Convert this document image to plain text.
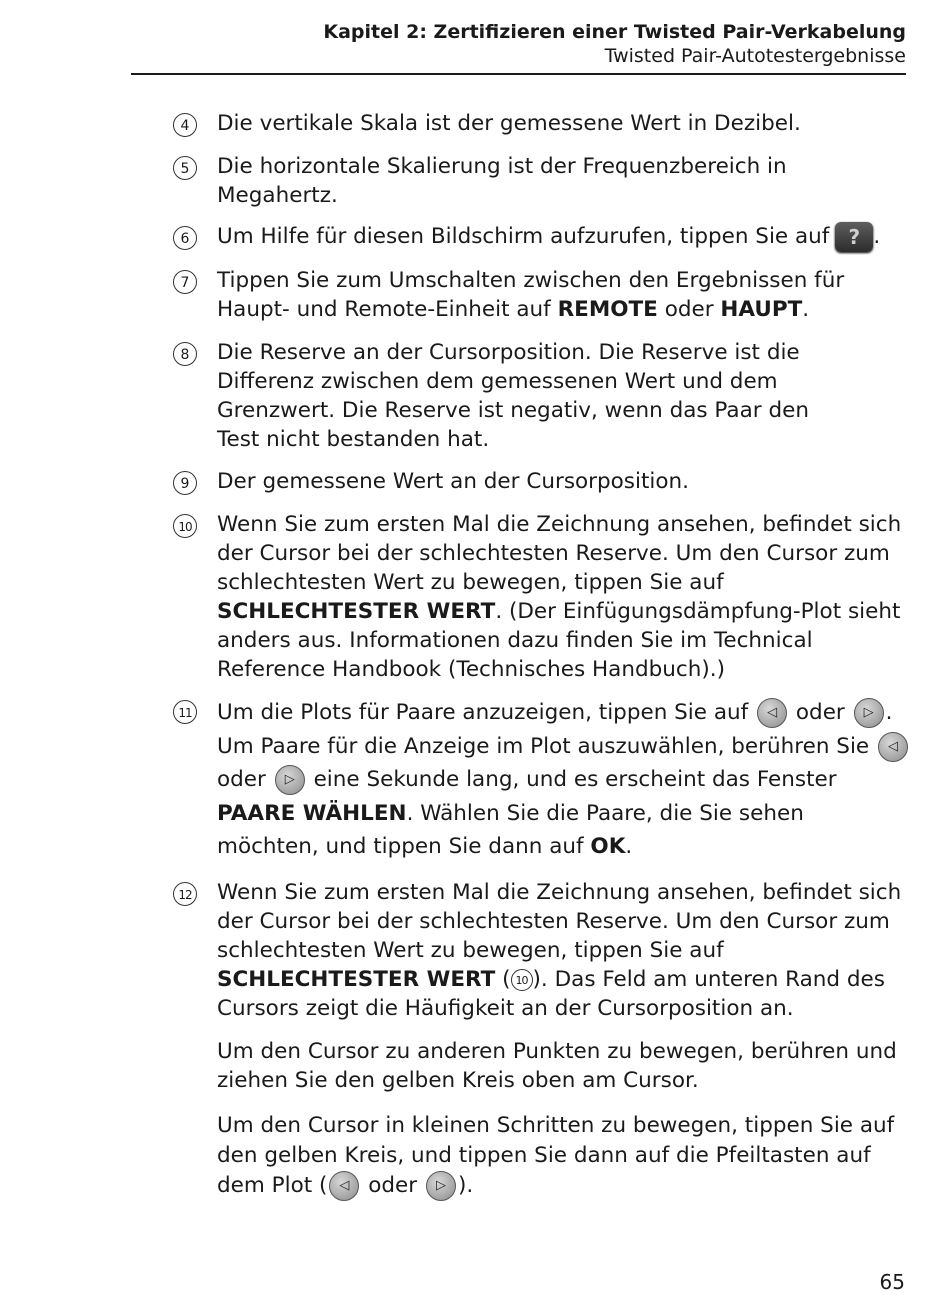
Kapitel 2: Zertifizieren einer Twisted Pair-Verkabelung
Twisted Pair-Autotestergebnisse
4	Die vertikale Skala ist der gemessene Wert in Dezibel.
5	Die horizontale Skalierung ist der Frequenzbereich in Megahertz.
6	Um Hilfe für diesen Bildschirm aufzurufen, tippen Sie auf ? .
7	Tippen Sie zum Umschalten zwischen den Ergebnissen für Haupt- und Remote-Einheit auf REMOTE oder HAUPT.
8	Die Reserve an der Cursorposition. Die Reserve ist die Differenz zwischen dem gemessenen Wert und dem Grenzwert. Die Reserve ist negativ, wenn das Paar den Test nicht bestanden hat.
9	Der gemessene Wert an der Cursorposition.
10 Wenn Sie zum ersten Mal die Zeichnung ansehen, befindet sich der Cursor bei der schlechtesten Reserve. Um den Cursor zum schlechtesten Wert zu bewegen, tippen Sie auf SCHLECHTESTER WERT. (Der Einfügungsdämpfung-Plot sieht anders aus. Informationen dazu finden Sie im Technical Reference Handbook (Technisches Handbuch).)
11 Um die Plots für Paare anzuzeigen, tippen Sie auf ◁ oder ▷ . Um Paare für die Anzeige im Plot auszuwählen, berühren Sie ◁ oder ▷ eine Sekunde lang, und es erscheint das Fenster PAARE WÄHLEN. Wählen Sie die Paare, die Sie sehen möchten, und tippen Sie dann auf OK.
12 Wenn Sie zum ersten Mal die Zeichnung ansehen, befindet sich der Cursor bei der schlechtesten Reserve. Um den Cursor zum schlechtesten Wert zu bewegen, tippen Sie auf SCHLECHTESTER WERT ( 10 ). Das Feld am unteren Rand des Cursors zeigt die Häufigkeit an der Cursorposition an.
Um den Cursor zu anderen Punkten zu bewegen, berühren und ziehen Sie den gelben Kreis oben am Cursor.
Um den Cursor in kleinen Schritten zu bewegen, tippen Sie auf den gelben Kreis, und tippen Sie dann auf die Pfeiltasten auf dem Plot ( ◁ oder ▷ ).
65
